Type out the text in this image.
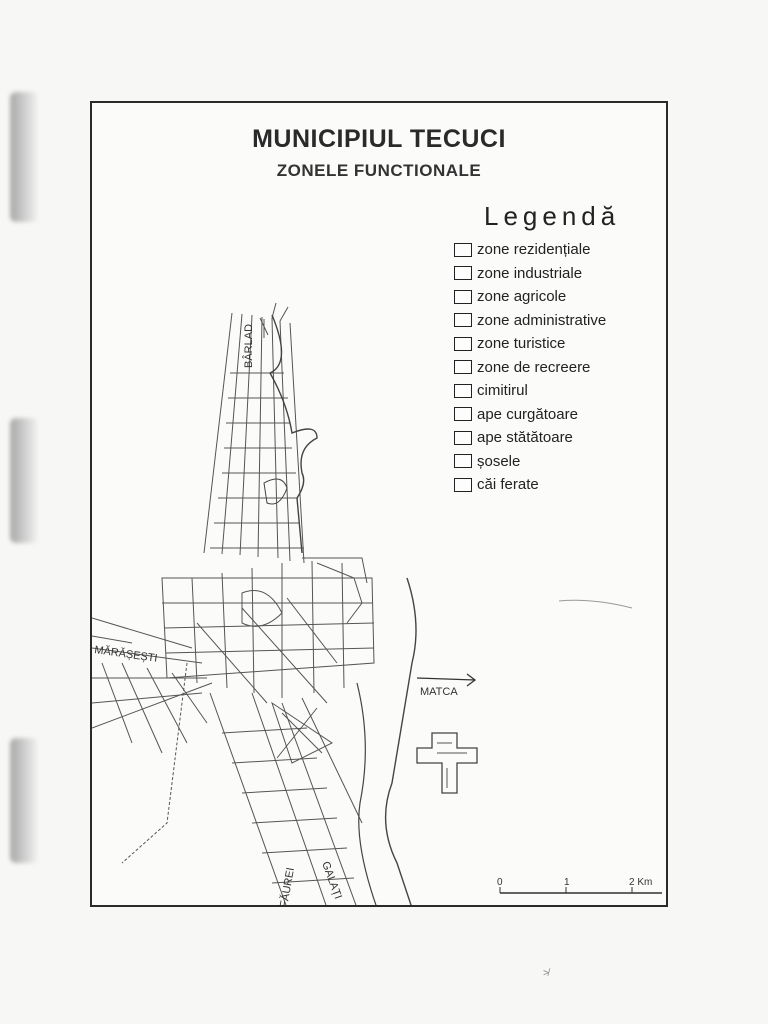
≯
BÂRLAD
MĂRĂȘEȘTI
MATCA
FĂUREI GALAȚI	0	1	2 Km
MUNICIPIUL TECUCI
ZONELE FUNCTIONALE
Legendă
zone rezidențiale
zone industriale
zone agricole
zone administrative
zone turistice
zone de recreere
cimitirul
ape curgătoare
ape stătătoare
șosele
căi ferate
